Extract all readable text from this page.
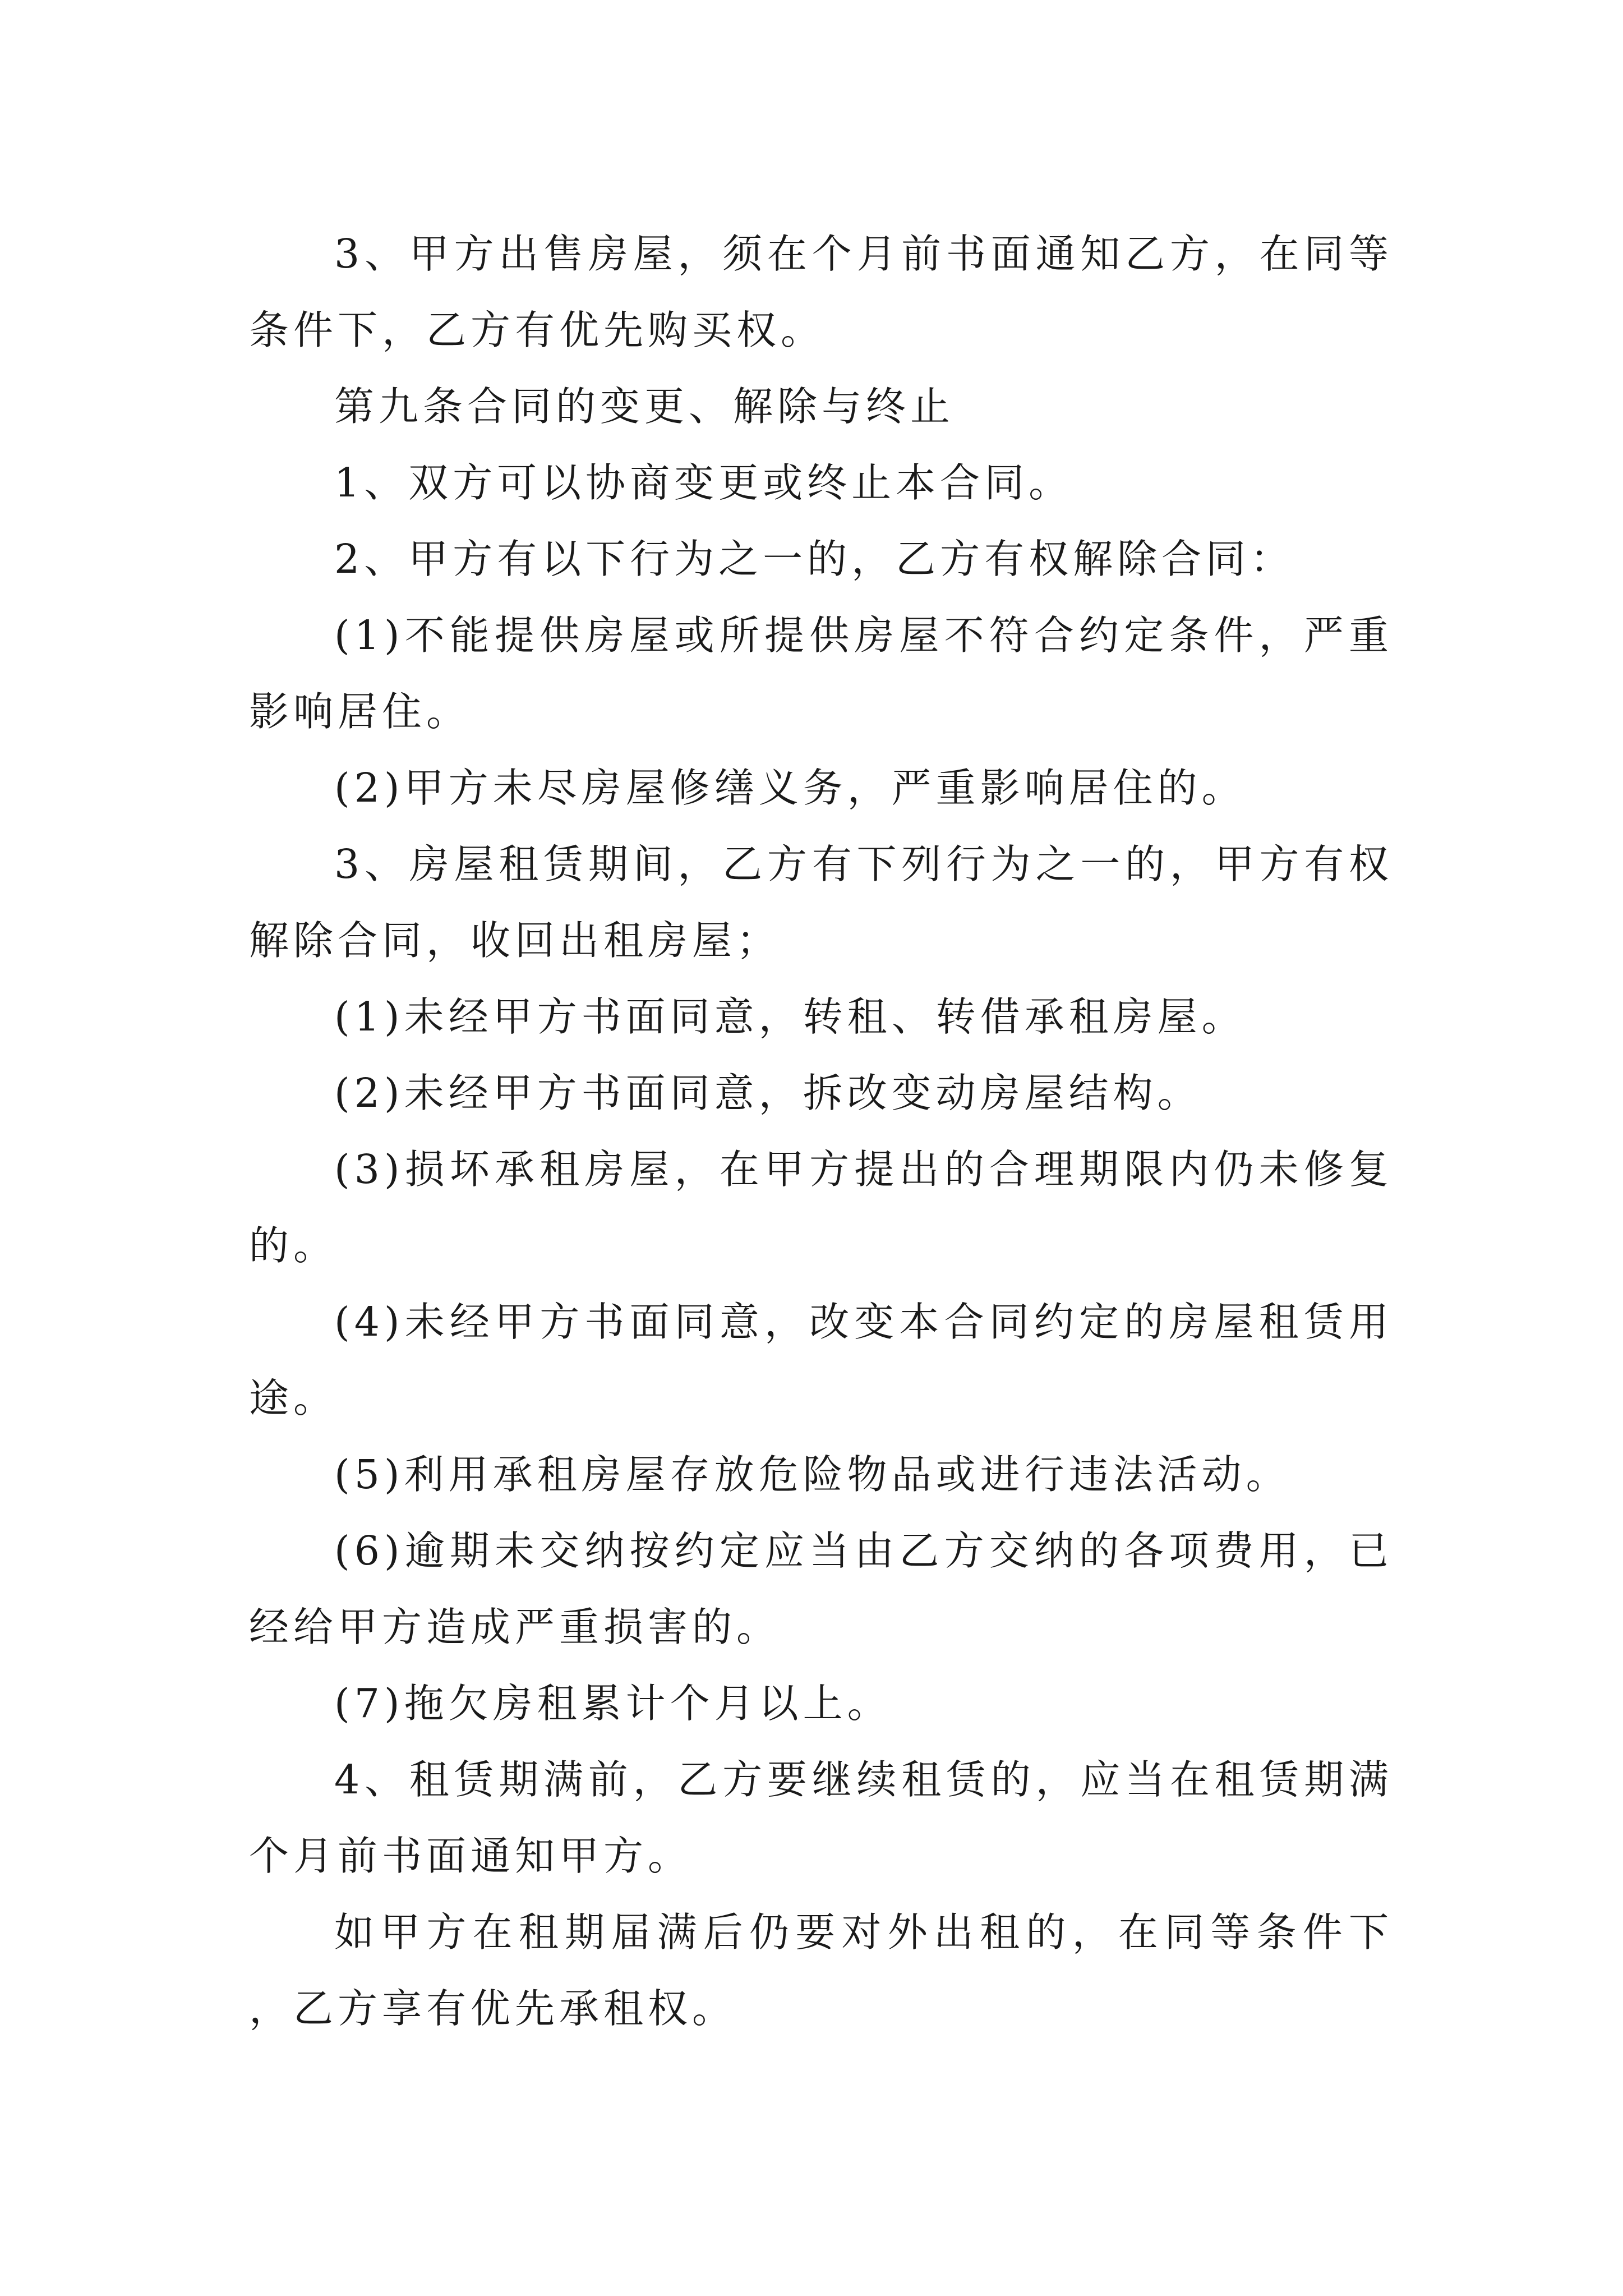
3、甲方出售房屋，须在个月前书面通知乙方，在同等条件下，乙方有优先购买权。

第九条合同的变更、解除与终止

1、双方可以协商变更或终止本合同。

2、甲方有以下行为之一的，乙方有权解除合同：

(1)不能提供房屋或所提供房屋不符合约定条件，严重影响居住。

(2)甲方未尽房屋修缮义务，严重影响居住的。

3、房屋租赁期间，乙方有下列行为之一的，甲方有权解除合同，收回出租房屋；

(1)未经甲方书面同意，转租、转借承租房屋。

(2)未经甲方书面同意，拆改变动房屋结构。

(3)损坏承租房屋，在甲方提出的合理期限内仍未修复的。

(4)未经甲方书面同意，改变本合同约定的房屋租赁用途。

(5)利用承租房屋存放危险物品或进行违法活动。

(6)逾期未交纳按约定应当由乙方交纳的各项费用，已经给甲方造成严重损害的。

(7)拖欠房租累计个月以上。

4、租赁期满前，乙方要继续租赁的，应当在租赁期满个月前书面通知甲方。

如甲方在租期届满后仍要对外出租的，在同等条件下，乙方享有优先承租权。
